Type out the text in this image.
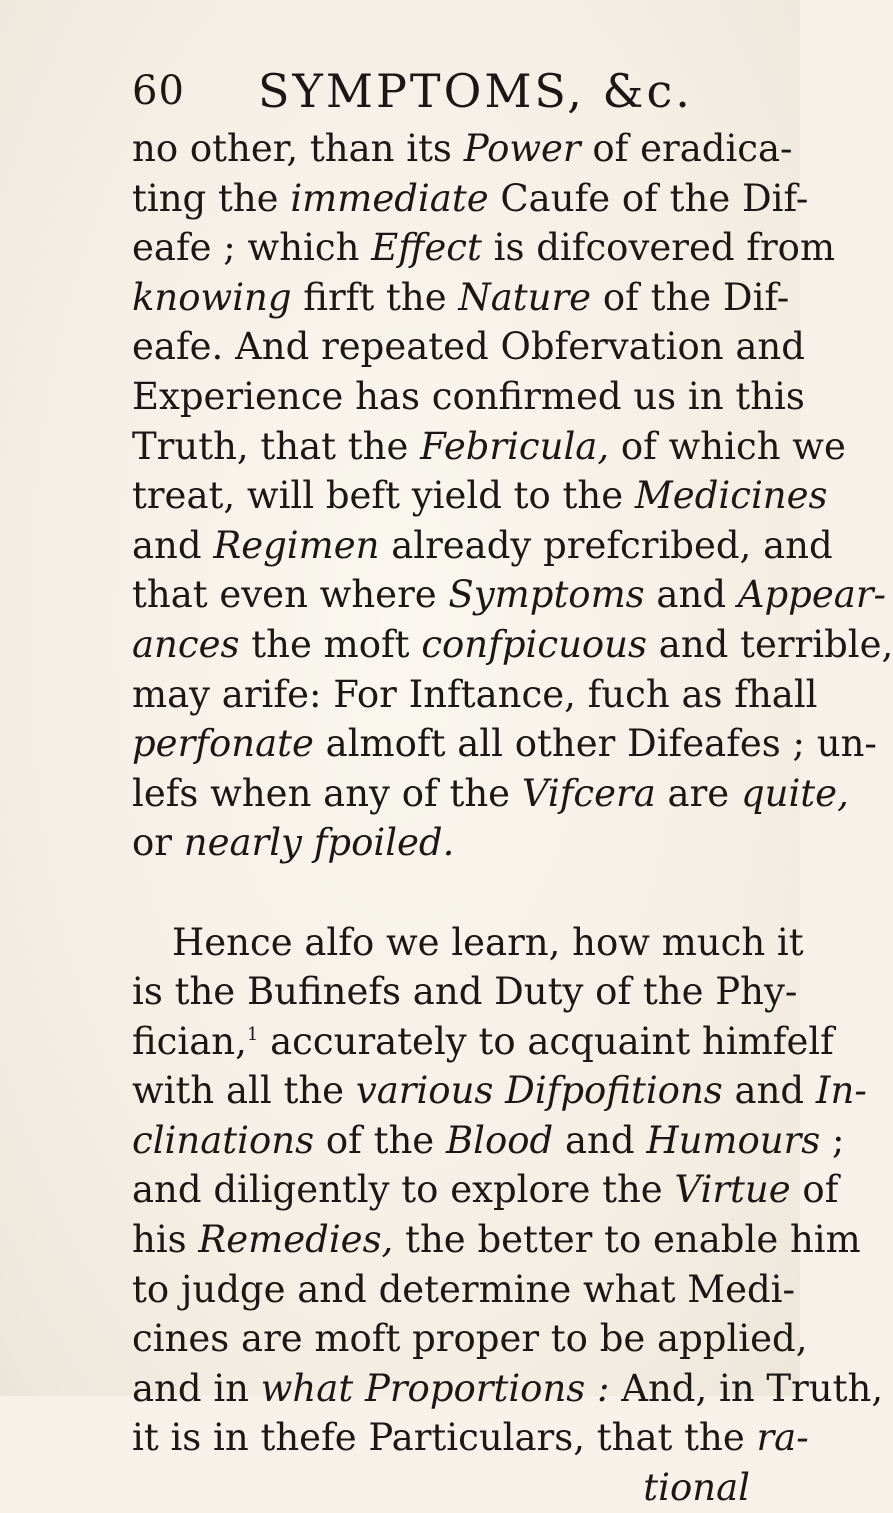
60 SYMPTOMS, &c.
no other, than its Power of eradica-
ting the immediate Caufe of the Dif-
eafe ; which Effect is difcovered from
knowing firft the Nature of the Dif-
eafe. And repeated Obfervation and
Experience has confirmed us in this
Truth, that the Febricula, of which we
treat, will beft yield to the Medicines
and Regimen already prefcribed, and
that even where Symptoms and Appear-
ances the moft confpicuous and terrible,
may arife: For Inftance, fuch as fhall
perfonate almoft all other Difeafes ; un-
lefs when any of the Vifcera are quite,
or nearly fpoiled.
Hence alfo we learn, how much it
is the Bufinefs and Duty of the Phy-
fician,$^1$ accurately to acquaint himfelf
with all the various Difpofitions and In-
clinations of the Blood and Humours ;
and diligently to explore the Virtue of
his Remedies, the better to enable him
to judge and determine what Medi-
cines are moft proper to be applied,
and in what Proportions : And, in Truth,
it is in thefe Particulars, that the ra-
tional
